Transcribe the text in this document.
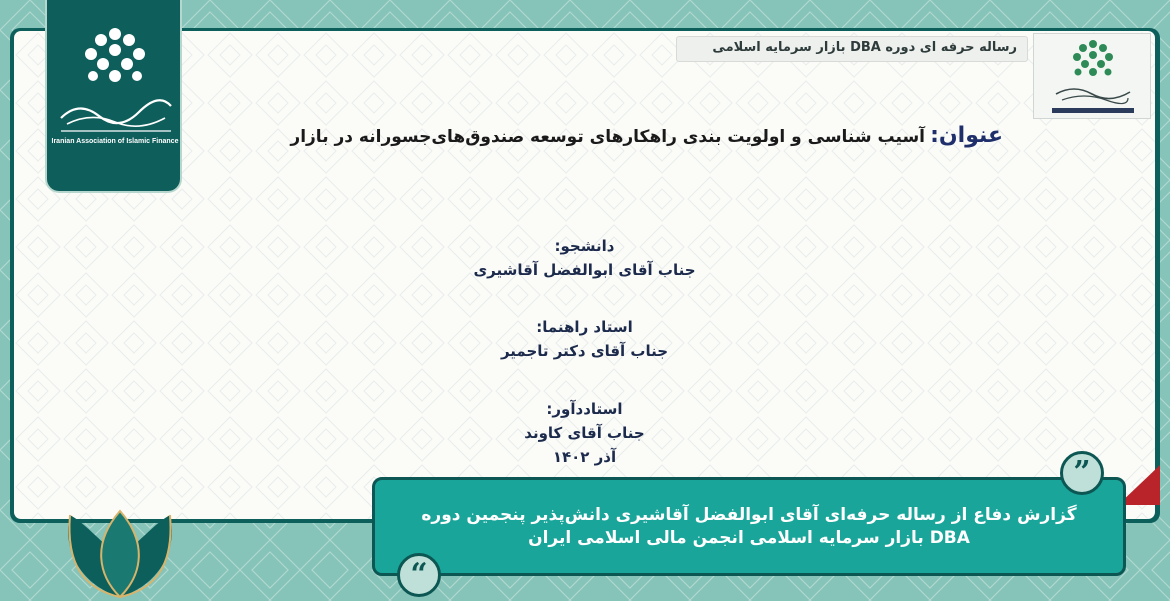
رساله حرفه ای دوره DBA بازار سرمایه اسلامی
عنوان: آسیب شناسی و اولویت بندی راهکارهای توسعه صندوق‌های‌جسورانه در بازار
دانشجو:
جناب آقای ابوالفضل آقاشیری
استاد راهنما:
جناب آقای دکتر تاجمیر
استاددآور:
جناب آقای کاوند
آذر ۱۴۰۲
Iranian Association of Islamic Finance
گزارش دفاع از رساله حرفه‌ای آقای ابوالفضل آقاشیری دانش‌پذیر پنجمین دوره
DBA بازار سرمایه اسلامی انجمن مالی اسلامی ایران
”
“
